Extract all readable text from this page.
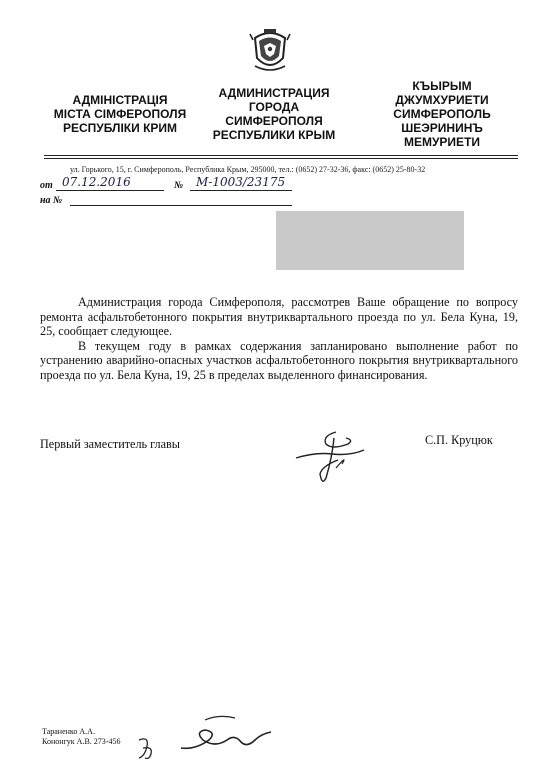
АДМІНІСТРАЦІЯ
МІСТА СІМФЕРОПОЛЯ
РЕСПУБЛІКИ КРИМ
АДМИНИСТРАЦИЯ
ГОРОДА
СИМФЕРОПОЛЯ
РЕСПУБЛИКИ КРЫМ
КЪЫРЫМ
ДЖУМХУРИЕТИ
СИМФЕРОПОЛЬ
ШЕЭРИНИНЪ
МЕМУРИЕТИ
ул. Горького, 15, г. Симферополь, Республика Крым, 295000, тел.: (0652) 27-32-36, факс: (0652) 25-80-32
от 07.12.2016	№ M-1003/23175
на №

Администрация города Симферополя, рассмотрев Ваше обращение по вопросу ремонта асфальтобетонного покрытия внутриквартального проезда по ул. Бела Куна, 19, 25, сообщает следующее.

В текущем году в рамках содержания запланировано выполнение работ по устранению аварийно-опасных участков асфальтобетонного покрытия внутриквартального проезда по ул. Бела Куна, 19, 25 в пределах выделенного финансирования.

Первый заместитель главы	С.П. Круцюк
Тараненко А.А.
Кононгук А.В. 273-456
